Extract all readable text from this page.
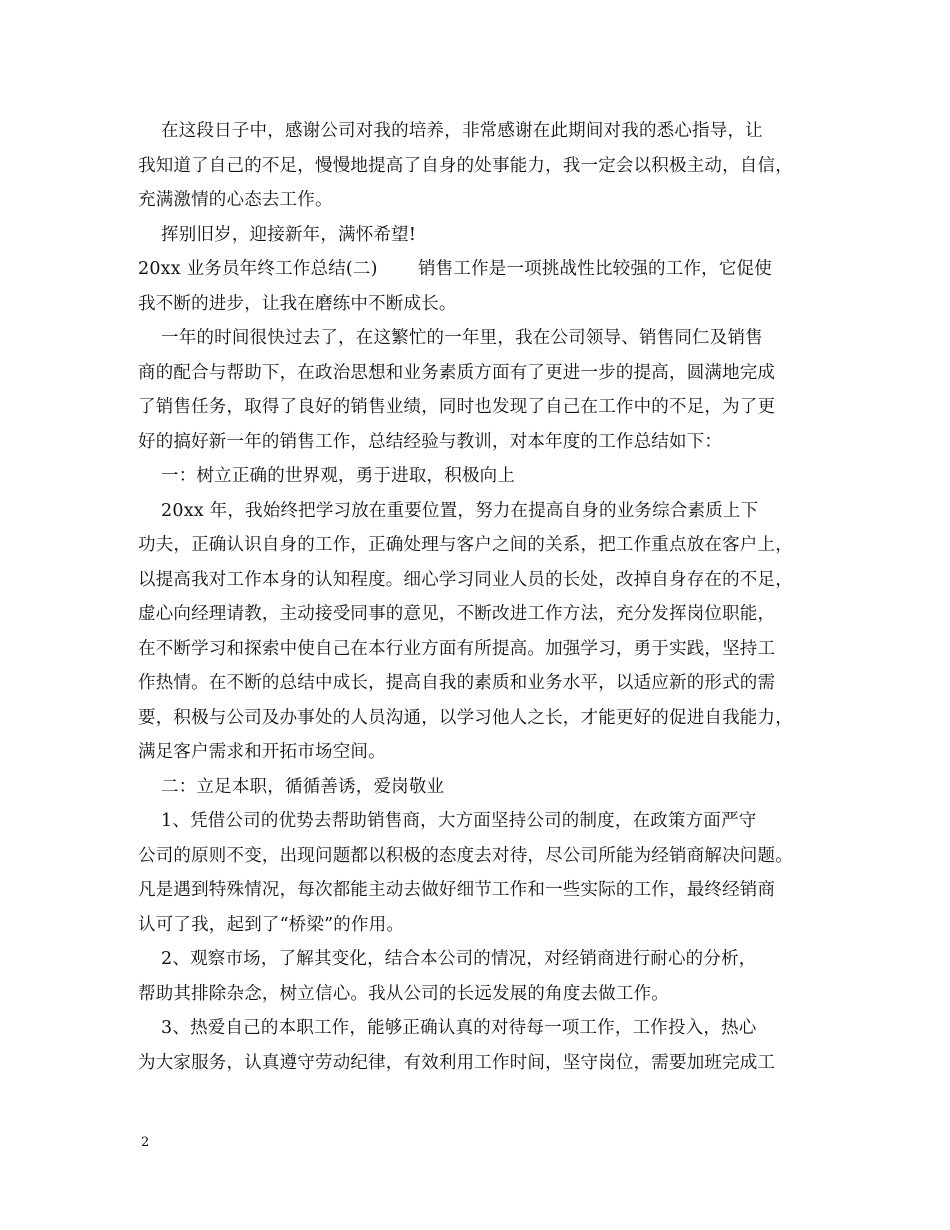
在这段日子中，感谢公司对我的培养，非常感谢在此期间对我的悉心指导，让
我知道了自己的不足，慢慢地提高了自身的处事能力，我一定会以积极主动，自信，
充满激情的心态去工作。
挥别旧岁，迎接新年，满怀希望!
20xx 业务员年终工作总结(二)       销售工作是一项挑战性比较强的工作，它促使
我不断的进步，让我在磨练中不断成长。
一年的时间很快过去了，在这繁忙的一年里，我在公司领导、销售同仁及销售
商的配合与帮助下，在政治思想和业务素质方面有了更进一步的提高，圆满地完成
了销售任务，取得了良好的销售业绩，同时也发现了自己在工作中的不足，为了更
好的搞好新一年的销售工作，总结经验与教训，对本年度的工作总结如下：
一：树立正确的世界观，勇于进取，积极向上
20xx 年，我始终把学习放在重要位置，努力在提高自身的业务综合素质上下
功夫，正确认识自身的工作，正确处理与客户之间的关系，把工作重点放在客户上，
以提高我对工作本身的认知程度。细心学习同业人员的长处，改掉自身存在的不足，
虚心向经理请教，主动接受同事的意见，不断改进工作方法，充分发挥岗位职能，
在不断学习和探索中使自己在本行业方面有所提高。加强学习，勇于实践，坚持工
作热情。在不断的总结中成长，提高自我的素质和业务水平，以适应新的形式的需
要，积极与公司及办事处的人员沟通，以学习他人之长，才能更好的促进自我能力，
满足客户需求和开拓市场空间。
二：立足本职，循循善诱，爱岗敬业
1、凭借公司的优势去帮助销售商，大方面坚持公司的制度，在政策方面严守
公司的原则不变，出现问题都以积极的态度去对待，尽公司所能为经销商解决问题。
凡是遇到特殊情况，每次都能主动去做好细节工作和一些实际的工作，最终经销商
认可了我，起到了“桥梁”的作用。
2、观察市场，了解其变化，结合本公司的情况，对经销商进行耐心的分析，
帮助其排除杂念，树立信心。我从公司的长远发展的角度去做工作。
3、热爱自己的本职工作，能够正确认真的对待每一项工作，工作投入，热心
为大家服务，认真遵守劳动纪律，有效利用工作时间，坚守岗位，需要加班完成工
2
